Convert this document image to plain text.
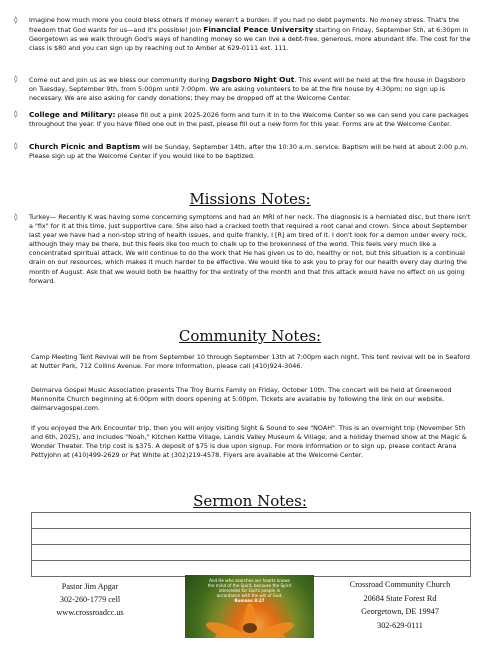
◊ Imagine how much more you could bless others if money weren't a burden. If you had no debt payments. No money stress. That's the freedom that God wants for us—and it's possible! Join Financial Peace University starting on Friday, September 5th, at 6:30pm in Georgetown as we walk through God's ways of handling money so we can live a debt-free, generous, more abundant life. The cost for the class is $80 and you can sign up by reaching out to Amber at 629-0111 ext. 111.
◊ Come out and join us as we bless our community during Dagsboro Night Out. This event will be held at the fire house in Dagsboro on Tuesday, September 9th, from 5:00pm until 7:00pm. We are asking volunteers to be at the fire house by 4:30pm; no sign up is necessary. We are also asking for candy donations; they may be dropped off at the Welcome Center.
◊ College and Military: please fill out a pink 2025-2026 form and turn it in to the Welcome Center so we can send you care packages throughout the year. If you have filled one out in the past, please fill out a new form for this year. Forms are at the Welcome Center.
◊ Church Picnic and Baptism will be Sunday, September 14th, after the 10:30 a.m. service. Baptism will be held at about 2:00 p.m. Please sign up at the Welcome Center if you would like to be baptized.
Missions Notes:
◊ Turkey— Recently K was having some concerning symptoms and had an MRI of her neck. The diagnosis is a herniated disc, but there isn't a "fix" for it at this time, just supportive care. She also had a cracked tooth that required a root canal and crown. Since about September last year we have had a non-stop string of health issues, and quite frankly, I [R] am tired of it. I don't look for a demon under every rock, although they may be there, but this feels like too much to chalk up to the brokenness of the world. This feels very much like a concentrated spiritual attack. We will continue to do the work that He has given us to do, healthy or not, but this situation is a continual drain on our resources, which makes it much harder to be effective. We would like to ask you to pray for our health every day during the month of August. Ask that we would both be healthy for the entirety of the month and that this attack would have no effect on us going forward.
Community Notes:
Camp Meeting Tent Revival will be from September 10 through September 13th at 7:00pm each night. This tent revival will be in Seaford at Nutter Park, 712 Collins Avenue. For more information, please call (410)924-3046.
Delmarva Gospel Music Association presents The Troy Burns Family on Friday, October 10th. The concert will be held at Greenwood Mennonite Church beginning at 6:00pm with doors opening at 5:00pm. Tickets are available by following the link on our website, delmarvagospel.com.
If you enjoyed the Ark Encounter trip, then you will enjoy visiting Sight & Sound to see "NOAH". This is an overnight trip (November 5th and 6th, 2025), and includes "Noah," Kitchen Kettle Village, Landis Valley Museum & Village, and a holiday themed show at the Magic & Wonder Theater. The trip cost is $375. A deposit of $75 is due upon signup. For more information or to sign up, please contact Arana Pettyjohn at (410)499-2629 or Pat White at (302)219-4578. Flyers are available at the Welcome Center.
Sermon Notes:
Pastor Jim Apgar
302-260-1779 cell
www.crossroadcc.us
And He who searches our hearts knows the mind of the Spirit, because the Spirit intercedes for God's people in accordance with the will of God.
Romans 8:27
Crossroad Community Church
20684 State Forest Rd
Georgetown, DE 19947
302-629-0111
